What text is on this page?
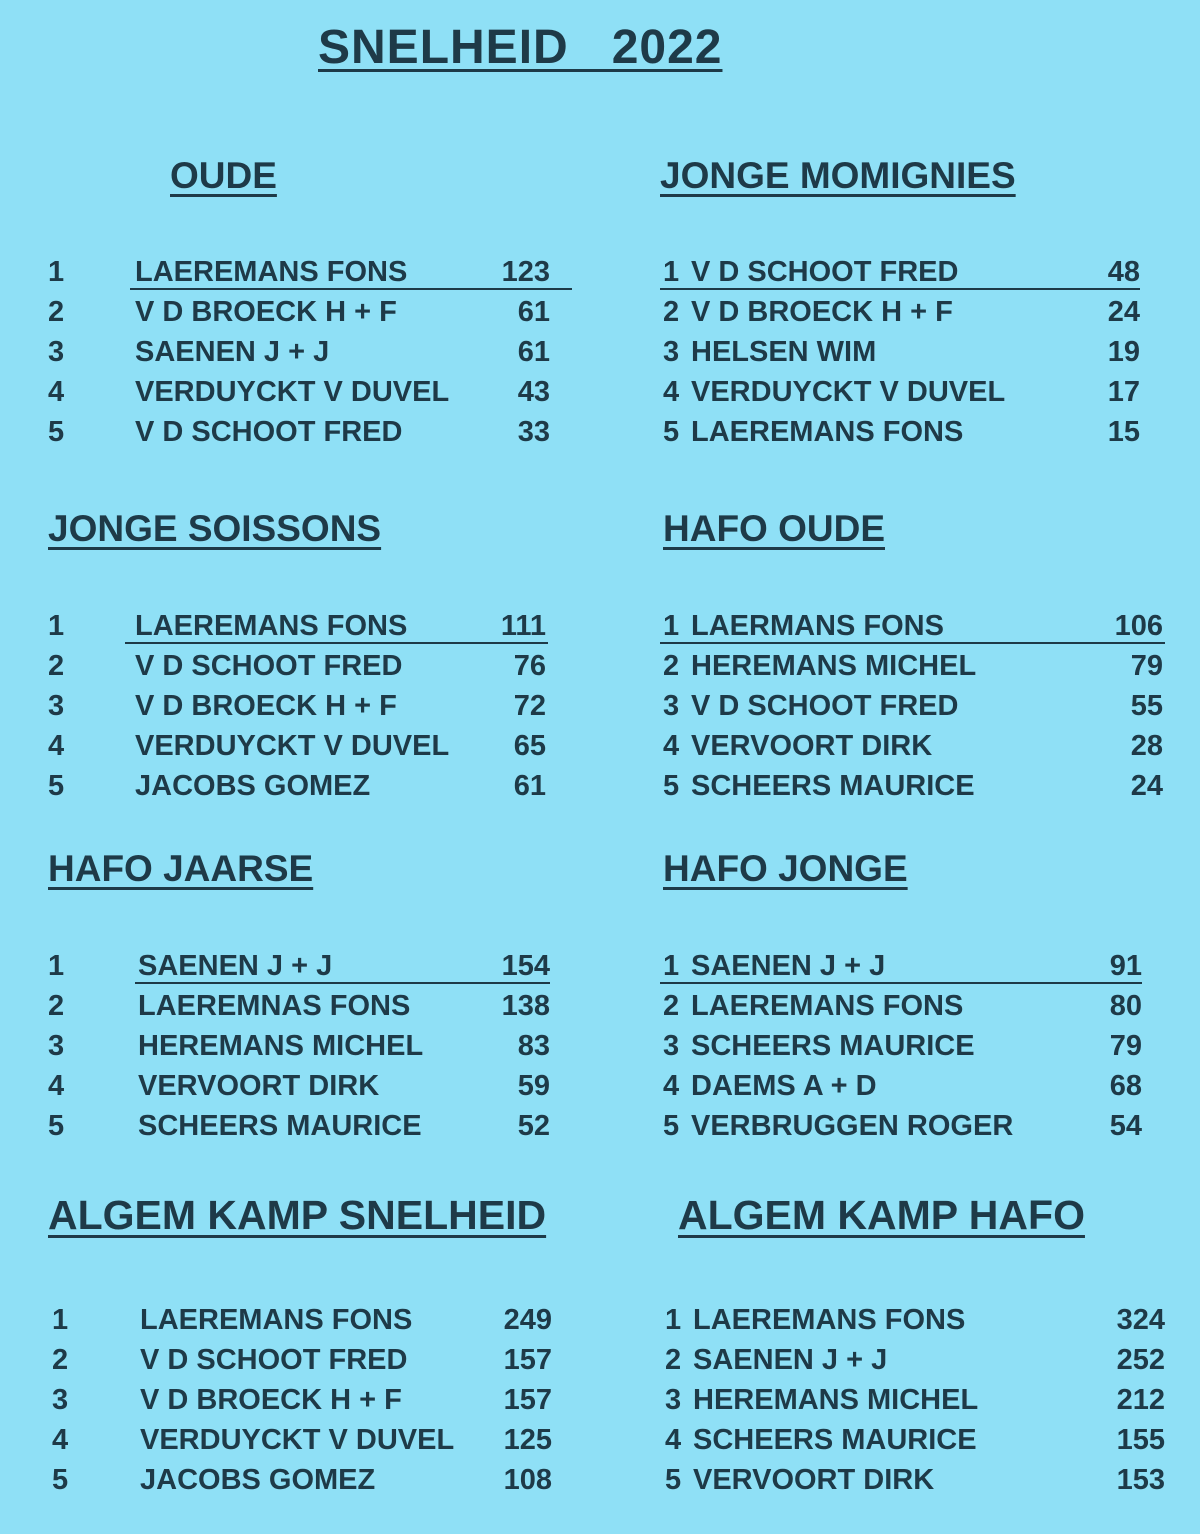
SNELHEID   2022
OUDE
1 LAEREMANS FONS	123
2 V D BROECK H + F	61
3 SAENEN J + J	61
4 VERDUYCKT V DUVEL	43
5 V D SCHOOT FRED	33
JONGE MOMIGNIES
1 V D SCHOOT FRED	48
2 V D BROECK H + F	24
3 HELSEN WIM	19
4 VERDUYCKT V DUVEL	17
5 LAEREMANS FONS	15
JONGE SOISSONS
1 LAEREMANS FONS	111
2 V D SCHOOT FRED	76
3 V D BROECK H + F	72
4 VERDUYCKT V DUVEL	65
5 JACOBS GOMEZ	61
HAFO OUDE
1 LAERMANS FONS	106
2 HEREMANS MICHEL	79
3 V D SCHOOT FRED	55
4 VERVOORT DIRK	28
5 SCHEERS MAURICE	24
HAFO JAARSE
1	SAENEN J + J	154
2	LAEREMNAS FONS	138
3	HEREMANS MICHEL	83
4	VERVOORT DIRK	59
5	SCHEERS MAURICE	52
HAFO JONGE
1 SAENEN J + J	91
2 LAEREMANS FONS	80
3 SCHEERS MAURICE	79
4 DAEMS A + D	68
5 VERBRUGGEN ROGER	54
ALGEM KAMP SNELHEID
1 LAEREMANS FONS	249
2 V D SCHOOT FRED	157
3 V D BROECK H + F	157
4 VERDUYCKT V DUVEL	125
5 JACOBS GOMEZ	108
ALGEM KAMP HAFO
1 LAEREMANS FONS	324
2 SAENEN J + J	252
3 HEREMANS MICHEL	212
4 SCHEERS MAURICE	155
5 VERVOORT DIRK	153
